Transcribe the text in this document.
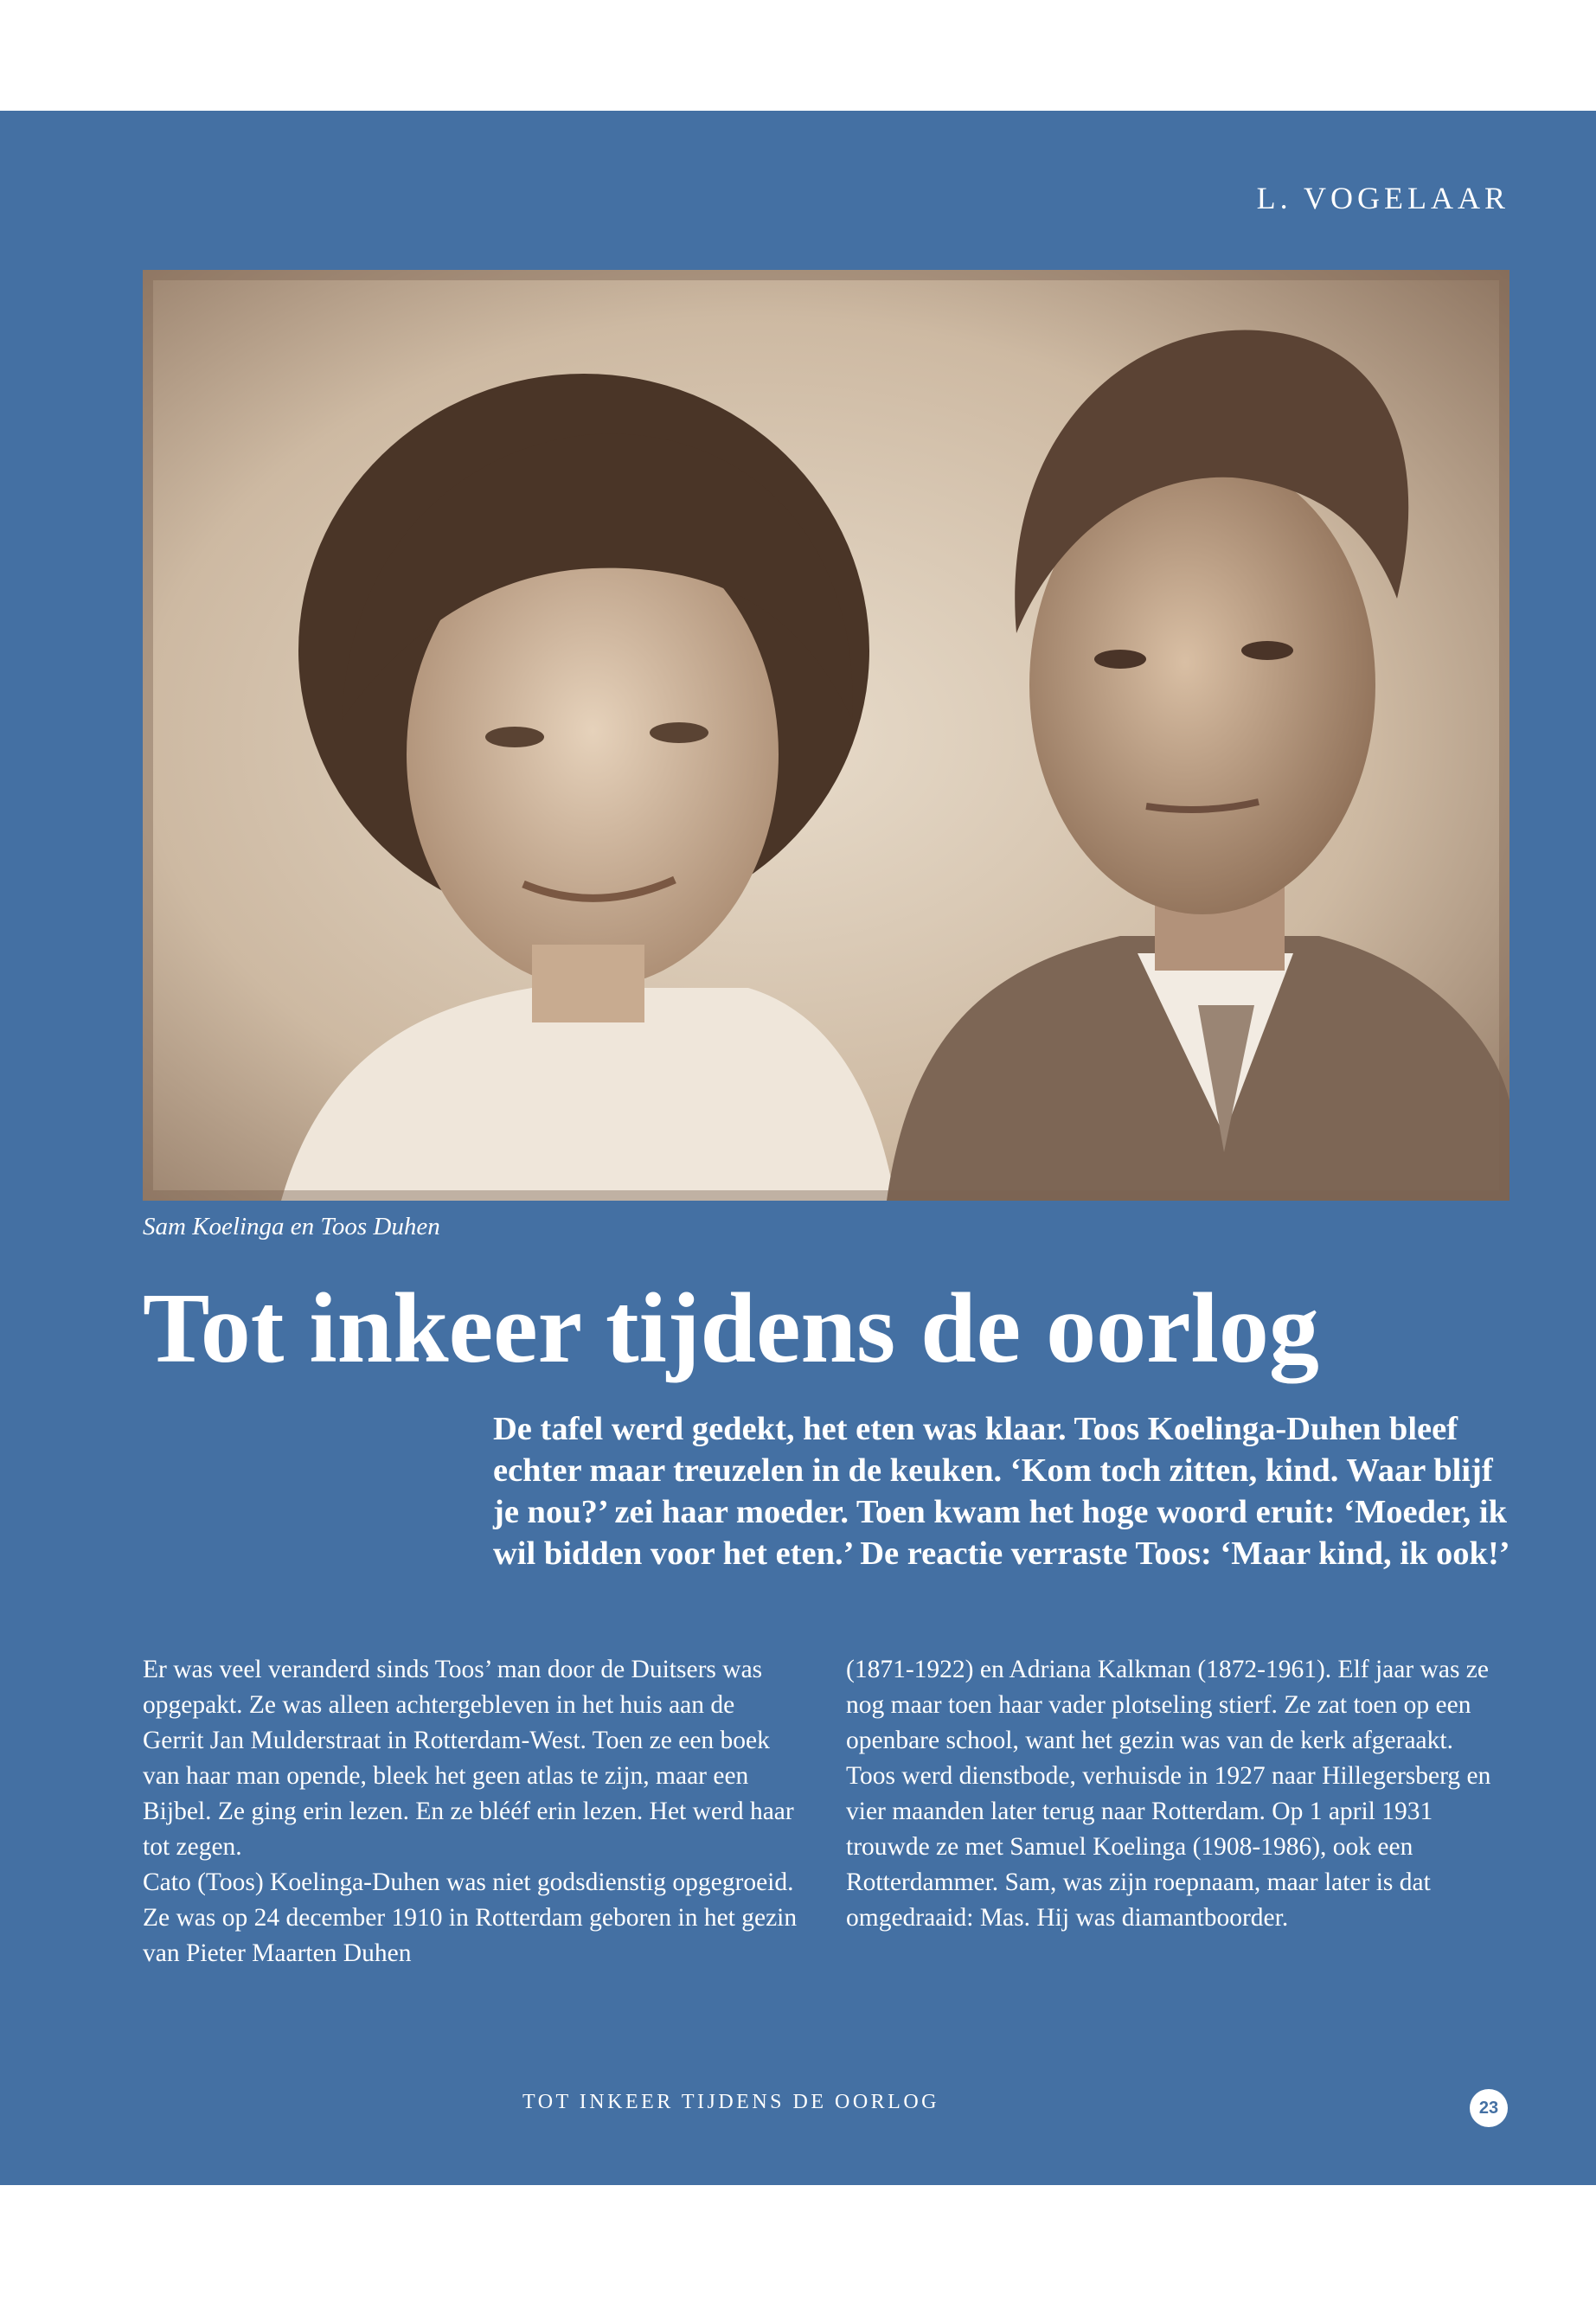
L. VOGELAAR
Sam Koelinga en Toos Duhen
Tot inkeer tijdens de oorlog

De tafel werd gedekt, het eten was klaar. Toos Koelinga-Duhen bleef echter maar treuzelen in de keuken. ‘Kom toch zitten, kind. Waar blijf je nou?’ zei haar moeder. Toen kwam het hoge woord eruit: ‘Moeder, ik wil bidden voor het eten.’ De reactie verraste Toos: ‘Maar kind, ik ook!’

Er was veel veranderd sinds Toos’ man door de Duitsers was opgepakt. Ze was alleen achtergebleven in het huis aan de Gerrit Jan Mulderstraat in Rotterdam-West. Toen ze een boek van haar man opende, bleek het geen atlas te zijn, maar een Bijbel. Ze ging erin lezen. En ze blééf erin lezen. Het werd haar tot zegen.

Cato (Toos) Koelinga-Duhen was niet godsdienstig opgegroeid. Ze was op 24 december 1910 in Rotterdam geboren in het gezin van Pieter Maarten Duhen

(1871-1922) en Adriana Kalkman (1872-1961). Elf jaar was ze nog maar toen haar vader plotseling stierf. Ze zat toen op een openbare school, want het gezin was van de kerk afgeraakt.

Toos werd dienstbode, verhuisde in 1927 naar Hillegersberg en vier maanden later terug naar Rotterdam. Op 1 april 1931 trouwde ze met Samuel Koelinga (1908-1986), ook een Rotterdammer. Sam, was zijn roepnaam, maar later is dat omgedraaid: Mas. Hij was diamantboorder.

TOT INKEER TIJDENS DE OORLOG	23
